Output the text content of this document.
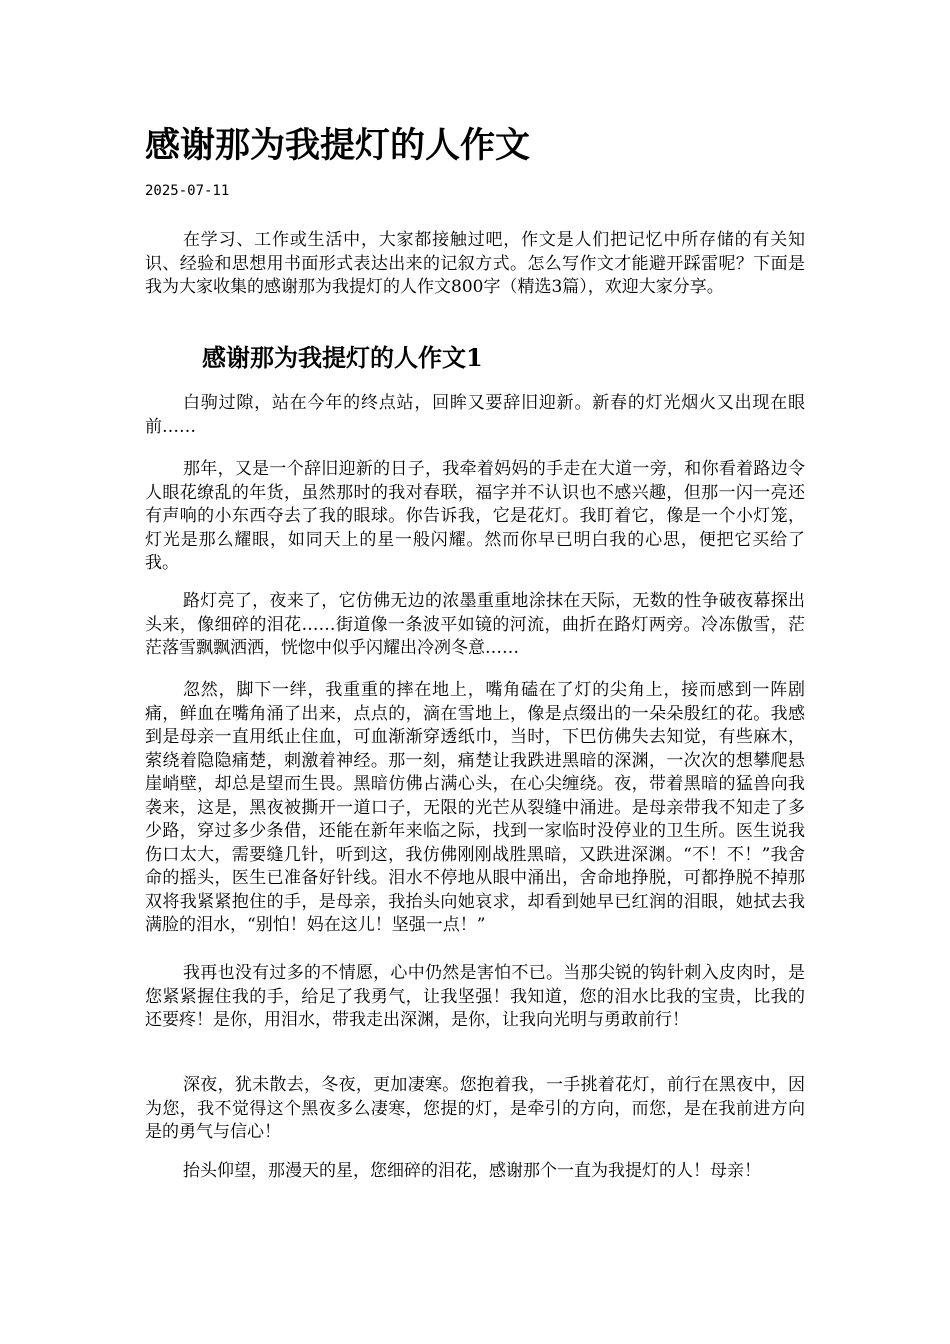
感谢那为我提灯的人作文
2025-07-11

在学习、工作或生活中，大家都接触过吧，作文是人们把记忆中所存储的有关知识、经验和思想用书面形式表达出来的记叙方式。怎么写作文才能避开踩雷呢？下面是我为大家收集的感谢那为我提灯的人作文800字（精选3篇），欢迎大家分享。

感谢那为我提灯的人作文1

白驹过隙，站在今年的终点站，回眸又要辞旧迎新。新春的灯光烟火又出现在眼前……

那年，又是一个辞旧迎新的日子，我牵着妈妈的手走在大道一旁，和你看着路边令人眼花缭乱的年货，虽然那时的我对春联，福字并不认识也不感兴趣，但那一闪一亮还有声响的小东西夺去了我的眼球。你告诉我，它是花灯。我盯着它，像是一个小灯笼，灯光是那么耀眼，如同天上的星一般闪耀。然而你早已明白我的心思，便把它买给了我。

路灯亮了，夜来了，它仿佛无边的浓墨重重地涂抹在天际，无数的性争破夜幕探出头来，像细碎的泪花……街道像一条波平如镜的河流，曲折在路灯两旁。冷冻傲雪，茫茫落雪飘飘洒洒，恍惚中似乎闪耀出冷冽冬意……

忽然，脚下一绊，我重重的摔在地上，嘴角磕在了灯的尖角上，接而感到一阵剧痛，鲜血在嘴角涌了出来，点点的，滴在雪地上，像是点缀出的一朵朵殷红的花。我感到是母亲一直用纸止住血，可血渐渐穿透纸巾，当时，下巴仿佛失去知觉，有些麻木，萦绕着隐隐痛楚，刺激着神经。那一刻，痛楚让我跌进黑暗的深渊，一次次的想攀爬悬崖峭壁，却总是望而生畏。黑暗仿佛占满心头，在心尖缠绕。夜，带着黑暗的猛兽向我袭来，这是，黑夜被撕开一道口子，无限的光芒从裂缝中涌进。是母亲带我不知走了多少路，穿过多少条借，还能在新年来临之际，找到一家临时没停业的卫生所。医生说我伤口太大，需要缝几针，听到这，我仿佛刚刚战胜黑暗，又跌进深渊。“不！不！”我舍命的摇头，医生已准备好针线。泪水不停地从眼中涌出，舍命地挣脱，可都挣脱不掉那双将我紧紧抱住的手，是母亲，我抬头向她哀求，却看到她早已红润的泪眼，她拭去我满脸的泪水，“别怕！妈在这儿！坚强一点！”

我再也没有过多的不情愿，心中仍然是害怕不已。当那尖锐的钩针刺入皮肉时，是您紧紧握住我的手，给足了我勇气，让我坚强！我知道，您的泪水比我的宝贵，比我的还要疼！是你，用泪水，带我走出深渊，是你，让我向光明与勇敢前行！

深夜，犹未散去，冬夜，更加凄寒。您抱着我，一手挑着花灯，前行在黑夜中，因为您，我不觉得这个黑夜多么凄寒，您提的灯，是牵引的方向，而您，是在我前进方向是的勇气与信心！

抬头仰望，那漫天的星，您细碎的泪花，感谢那个一直为我提灯的人！母亲！
